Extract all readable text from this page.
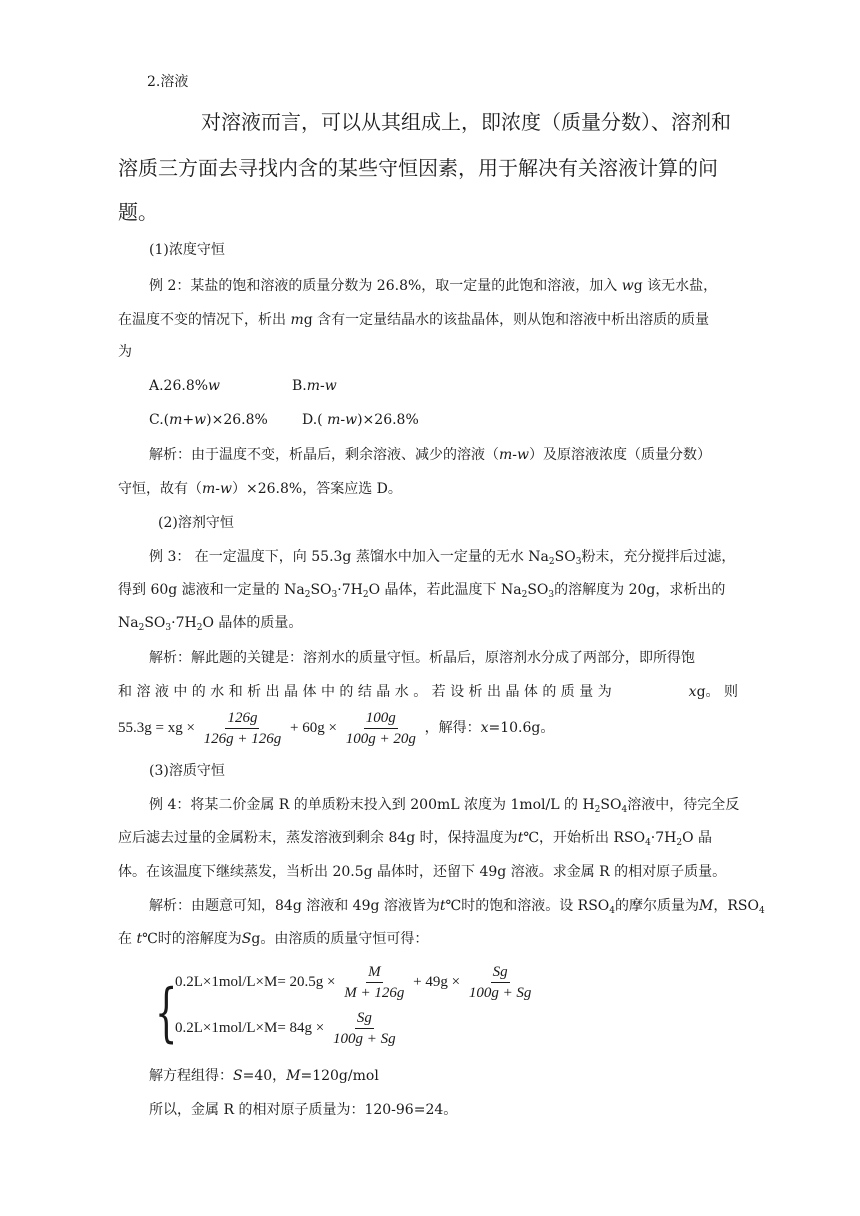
2.溶液
对溶液而言，可以从其组成上，即浓度（质量分数）、溶剂和
溶质三方面去寻找内含的某些守恒因素，用于解决有关溶液计算的问
题。
(1)浓度守恒
例 2：某盐的饱和溶液的质量分数为 26.8%，取一定量的此饱和溶液，加入 wg 该无水盐，
在温度不变的情况下，析出 mg 含有一定量结晶水的该盐晶体，则从饱和溶液中析出溶质的质量
为
A.26.8%w	B.m-w
C.(m+w)×26.8% D.( m-w)×26.8%
解析：由于温度不变，析晶后，剩余溶液、减少的溶液（m-w）及原溶液浓度（质量分数）
守恒，故有（m-w）×26.8%，答案应选 D。
(2)溶剂守恒
例 3： 在一定温度下，向 55.3g 蒸馏水中加入一定量的无水 $Na_2SO_3$粉末，充分搅拌后过滤，
得到 60g 滤液和一定量的 $Na_2SO_3\cdot 7H_2O$ 晶体，若此温度下 $Na_2SO_3$的溶解度为 20g，求析出的
$Na_2SO_3\cdot 7H_2O$ 晶体的质量。
解析：解此题的关键是：溶剂水的质量守恒。析晶后，原溶剂水分成了两部分，即所得饱
和 溶 液 中 的 水 和 析 出 晶 体 中 的 结 晶 水 。 若 设 析 出 晶 体 的 质 量 为	xg。 则
55.3g = xg × $\frac{126g}{126g + 126g} + 60g \times \frac{100g}{100g + 20g}$ ，解得：x=10.6g。
(3)溶质守恒
例 4：将某二价金属 R 的单质粉末投入到 200mL 浓度为 1mol/L 的 $H_2SO_4$溶液中，待完全反
应后滤去过量的金属粉末，蒸发溶液到剩余 84g 时，保持温度为t℃，开始析出 $RSO_4\cdot 7H_2O$ 晶
体。在该温度下继续蒸发，当析出 20.5g 晶体时，还留下 49g 溶液。求金属 R 的相对原子质量。
解析：由题意可知，84g 溶液和 49g 溶液皆为t℃时的饱和溶液。设 $RSO_4$的摩尔质量为M，$RSO_4$
在 t℃时的溶解度为Sg。由溶质的质量守恒可得：
{
$0.2L\times 1mol/L\times M= 20.5g \times \frac{M}{M + 126g} + 49g \times \frac{Sg}{100g + Sg}$
$0.2L\times 1mol/L\times M= 84g \times \frac{Sg}{100g + Sg}$
解方程组得：S=40，M=120g/mol
所以，金属 R 的相对原子质量为：120-96=24。
